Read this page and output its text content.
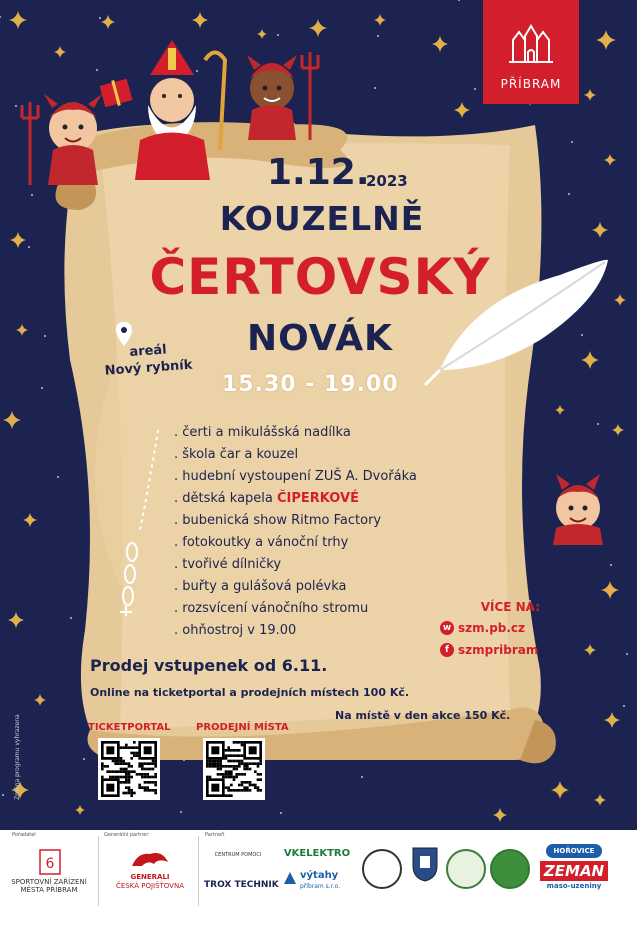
PŘÍBRAM
1.12.
2023
KOUZELNĚ
ČERTOVSKÝ
NOVÁK
areál
Nový rybník
15.30 - 19.00
. čerti a mikulášská nadílka
. škola čar a kouzel
. hudební vystoupení ZUŠ A. Dvořáka
. dětská kapela ČIPERKOVÉ
. bubenická show Ritmo Factory
. fotokoutky a vánoční trhy
. tvořivé dílničky
. buřty a gulášová polévka
. rozsvícení vánočního stromu
. ohňostroj v 19.00
VÍCE NA:
w szm.pb.cz
f szmpribram
Prodej vstupenek od 6.11.
Online na ticketportal a prodejních místech 100 Kč.
Na místě v den akce 150 Kč.
TICKETPORTAL	PRODEJNÍ MÍSTA
Změna programu vyhrazena
Pořadatel
6
SPORTOVNÍ ZAŘÍZENÍ MĚSTA PŘÍBRAM
Generální partner
GENERALI
ČESKÁ POJIŠŤOVNA
Partneři
CENTRUM POMOCI
TROX TECHNIK
VKELEKTRO
výtahy
příbram s.r.o.
HOŘOVICE
ZEMAN
maso-uzeniny
